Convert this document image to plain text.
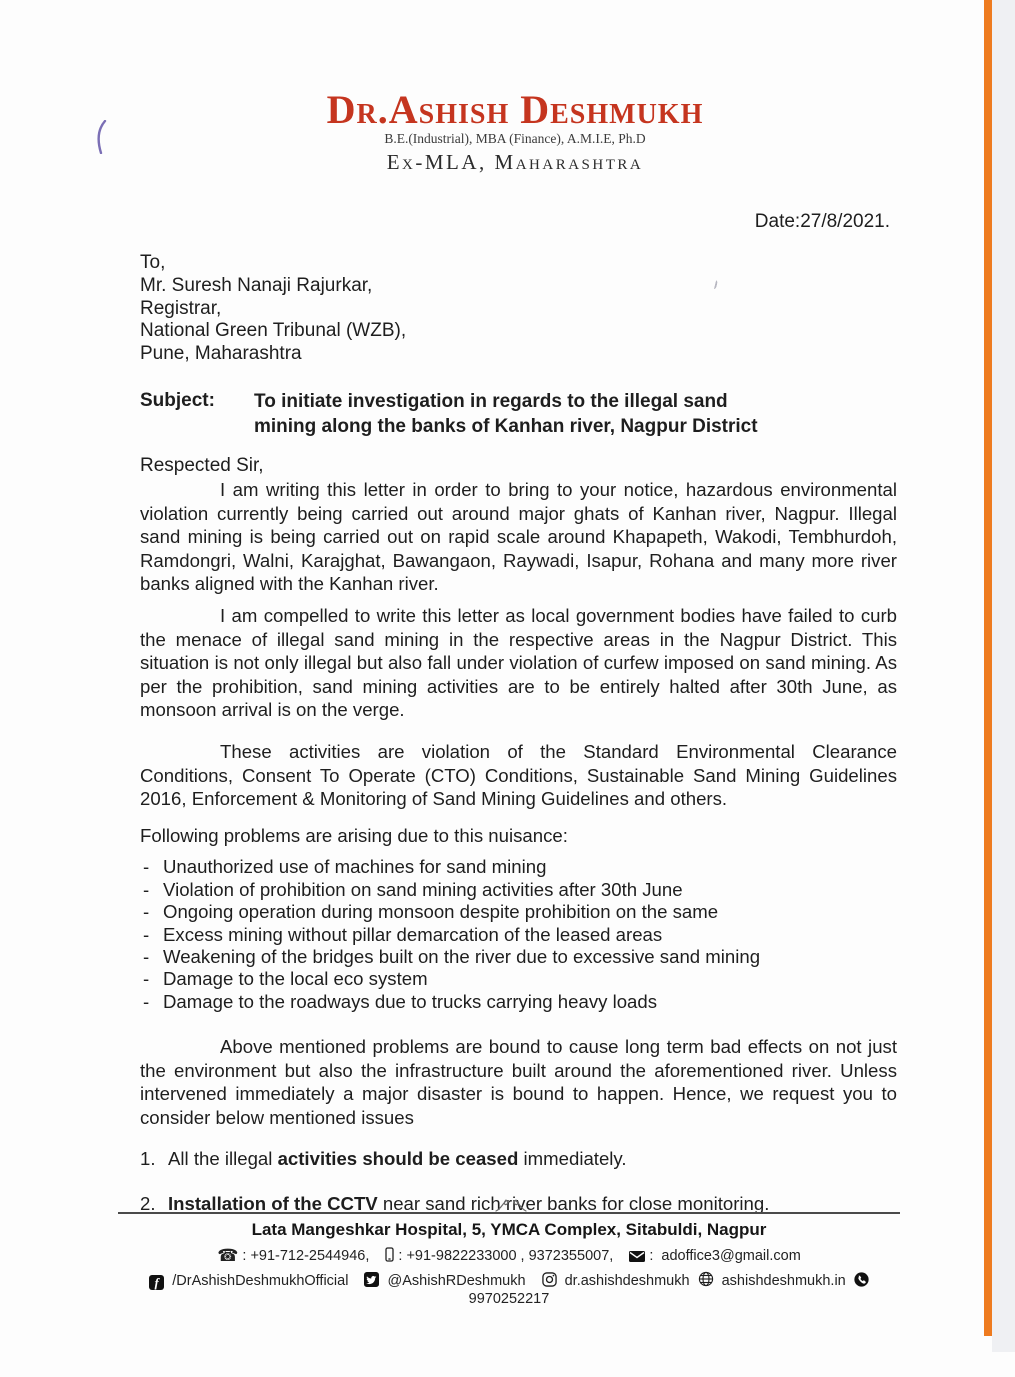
Dr.Ashish Deshmukh
B.E.(Industrial), MBA (Finance), A.M.I.E, Ph.D
Ex-MLA, Maharashtra
Date:27/8/2021.
To,
Mr. Suresh Nanaji Rajurkar,
Registrar,
National Green Tribunal (WZB),
Pune, Maharashtra
Subject: To initiate investigation in regards to the illegal sand
mining along the banks of Kanhan river, Nagpur District
Respected Sir,

I am writing this letter in order to bring to your notice, hazardous environmental violation currently being carried out around major ghats of Kanhan river, Nagpur. Illegal sand mining is being carried out on rapid scale around Khapapeth, Wakodi, Tembhurdoh, Ramdongri, Walni, Karajghat, Bawangaon, Raywadi, Isapur, Rohana and many more river banks aligned with the Kanhan river.

I am compelled to write this letter as local government bodies have failed to curb the menace of illegal sand mining in the respective areas in the Nagpur District. This situation is not only illegal but also fall under violation of curfew imposed on sand mining. As per the prohibition, sand mining activities are to be entirely halted after 30th June, as monsoon arrival is on the verge.

These activities are violation of the Standard Environmental Clearance Conditions, Consent To Operate (CTO) Conditions, Sustainable Sand Mining Guidelines 2016, Enforcement & Monitoring of Sand Mining Guidelines and others.

Following problems are arising due to this nuisance:

- Unauthorized use of machines for sand mining
- Violation of prohibition on sand mining activities after 30th June
- Ongoing operation during monsoon despite prohibition on the same
- Excess mining without pillar demarcation of the leased areas
- Weakening of the bridges built on the river due to excessive sand mining
- Damage to the local eco system
- Damage to the roadways due to trucks carrying heavy loads

Above mentioned problems are bound to cause long term bad effects on not just the environment but also the infrastructure built around the aforementioned river. Unless intervened immediately a major disaster is bound to happen. Hence, we request you to consider below mentioned issues

1. All the illegal activities should be ceased immediately.
2. Installation of the CCTV near sand rich river banks for close monitoring.
Lata Mangeshkar Hospital, 5, YMCA Complex, Sitabuldi, Nagpur
☎ : +91-712-2544946, : +91-9822233000 , 9372355007, : adoffice3@gmail.com
f /DrAshishDeshmukhOfficial	@AshishRDeshmukh	dr.ashishdeshmukh ashishdeshmukh.in  9970252217
